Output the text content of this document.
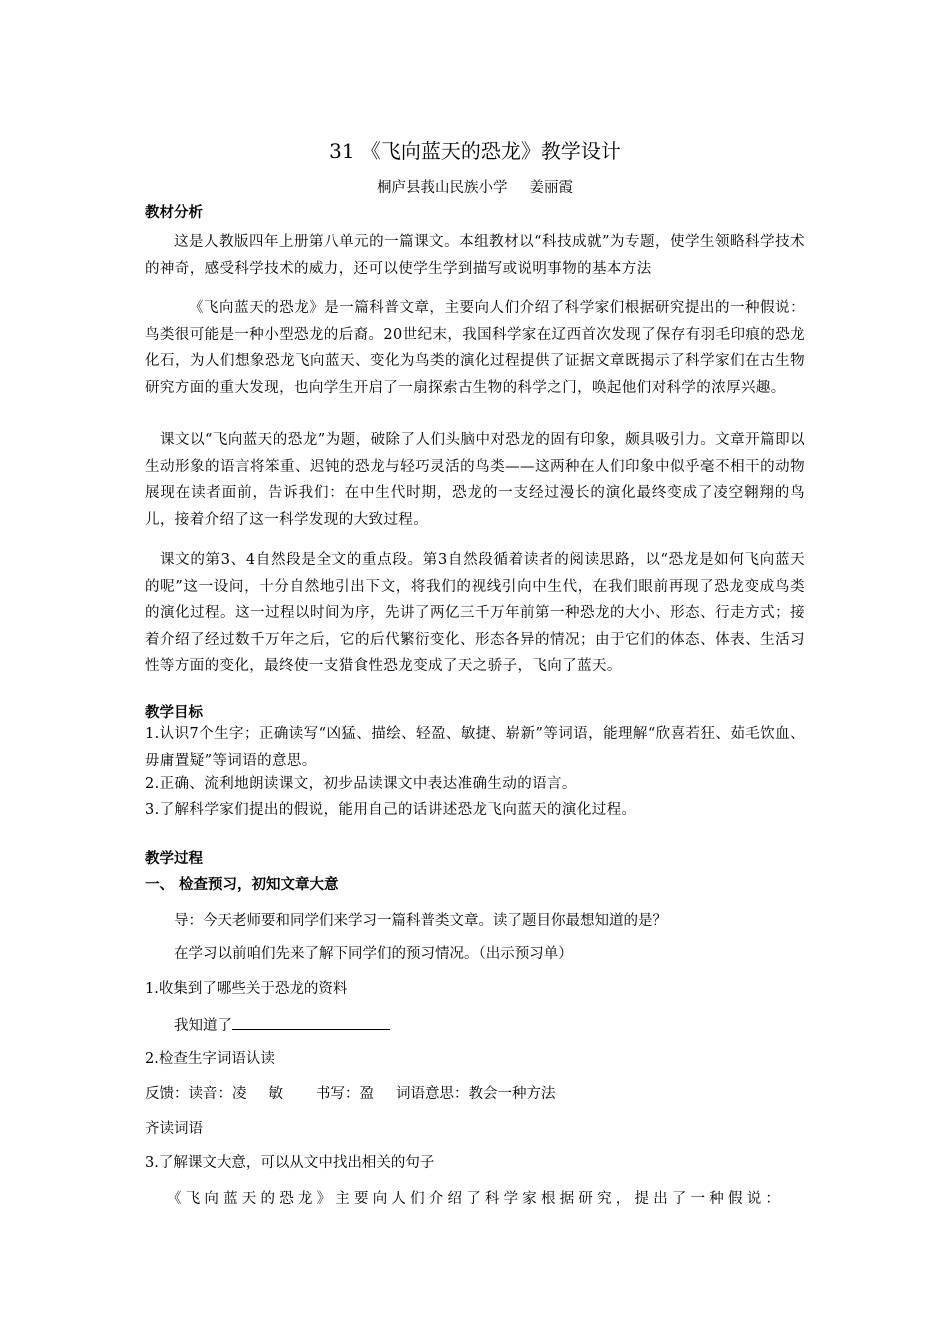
31 《飞向蓝天的恐龙》教学设计
桐庐县莪山民族小学 姜丽霞
教材分析
这是人教版四年上册第八单元的一篇课文。本组教材以“科技成就”为专题，使学生领略科学技术的神奇，感受科学技术的威力，还可以使学生学到描写或说明事物的基本方法
《飞向蓝天的恐龙》是一篇科普文章，主要向人们介绍了科学家们根据研究提出的一种假说：鸟类很可能是一种小型恐龙的后裔。20世纪末，我国科学家在辽西首次发现了保存有羽毛印痕的恐龙化石，为人们想象恐龙飞向蓝天、变化为鸟类的演化过程提供了证据文章既揭示了科学家们在古生物研究方面的重大发现，也向学生开启了一扇探索古生物的科学之门，唤起他们对科学的浓厚兴趣。
课文以“飞向蓝天的恐龙”为题，破除了人们头脑中对恐龙的固有印象，颇具吸引力。文章开篇即以生动形象的语言将笨重、迟钝的恐龙与轻巧灵活的鸟类——这两种在人们印象中似乎毫不相干的动物展现在读者面前，告诉我们：在中生代时期，恐龙的一支经过漫长的演化最终变成了凌空翱翔的鸟儿，接着介绍了这一科学发现的大致过程。
课文的第3、4自然段是全文的重点段。第3自然段循着读者的阅读思路，以“恐龙是如何飞向蓝天的呢”这一设问，十分自然地引出下文，将我们的视线引向中生代，在我们眼前再现了恐龙变成鸟类的演化过程。这一过程以时间为序，先讲了两亿三千万年前第一种恐龙的大小、形态、行走方式；接着介绍了经过数千万年之后，它的后代繁衍变化、形态各异的情况；由于它们的体态、体表、生活习性等方面的变化，最终使一支猎食性恐龙变成了天之骄子，飞向了蓝天。
教学目标
1.认识7个生字；正确读写“凶猛、描绘、轻盈、敏捷、崭新”等词语，能理解“欣喜若狂、茹毛饮血、毋庸置疑”等词语的意思。
2.正确、流利地朗读课文，初步品读课文中表达准确生动的语言。
3.了解科学家们提出的假说，能用自己的话讲述恐龙飞向蓝天的演化过程。
教学过程
一、 检查预习，初知文章大意
导：今天老师要和同学们来学习一篇科普类文章。读了题目你最想知道的是？
在学习以前咱们先来了解下同学们的预习情况。（出示预习单）
1.收集到了哪些关于恐龙的资料
我知道了
2.检查生字词语认读
反馈：读音：凌 敏 书写：盈 词语意思：教会一种方法
齐读词语
3.了解课文大意，可以从文中找出相关的句子
《飞向蓝天的恐龙》主要向人们介绍了科学家根据研究，提出了一种假说：
